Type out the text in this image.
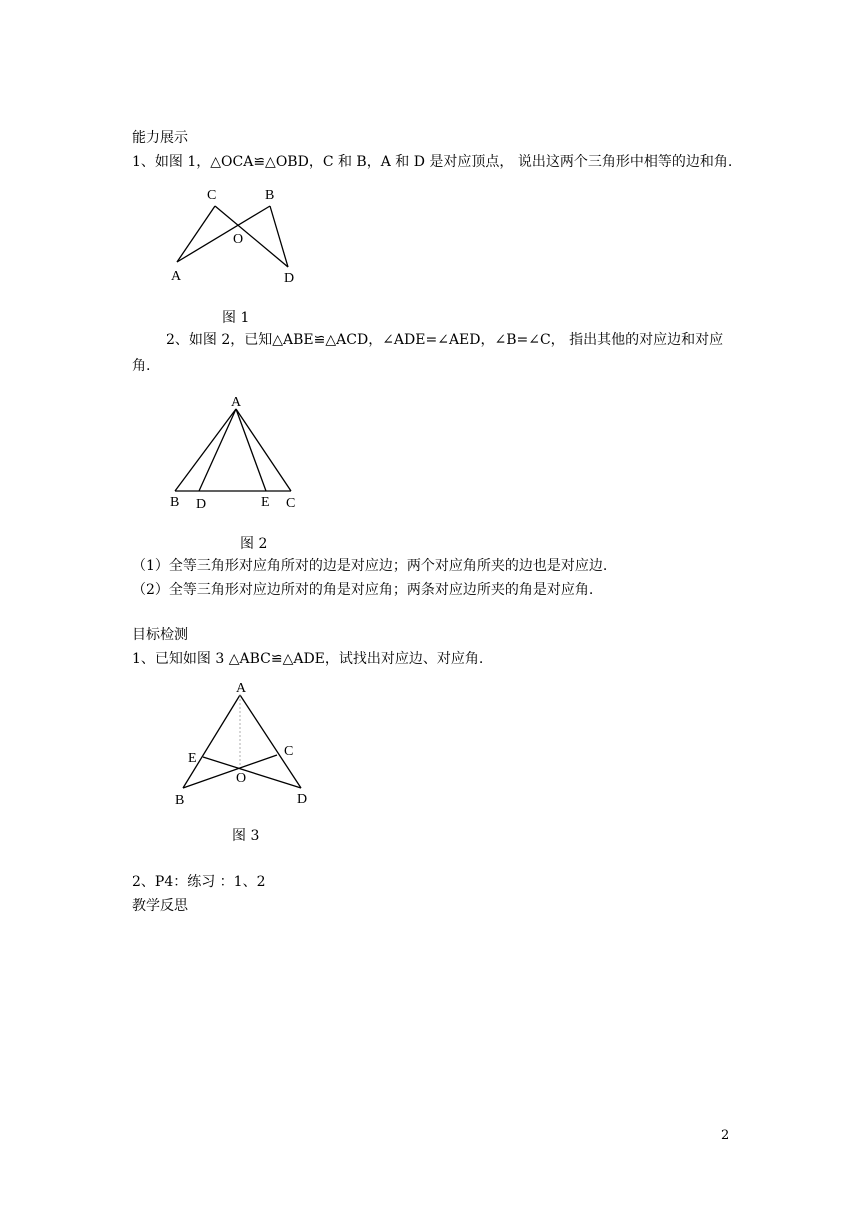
能力展示
1、如图 1，△OCA≌△OBD，C 和 B，A 和 D 是对应顶点， 说出这两个三角形中相等的边和角.
C	B
O
A	D
图 1
2、如图 2，已知△ABE≌△ACD，∠ADE=∠AED，∠B=∠C， 指出其他的对应边和对应
角.
A
B D	E C
图 2
（1）全等三角形对应角所对的边是对应边；两个对应角所夹的边也是对应边.
（2）全等三角形对应边所对的角是对应角；两条对应边所夹的角是对应角.
目标检测
1、已知如图 3 △ABC≌△ADE，试找出对应边、对应角.
A
E	C
O
B	D
图 3
2、P4：练习 ：1、2
教学反思
2
